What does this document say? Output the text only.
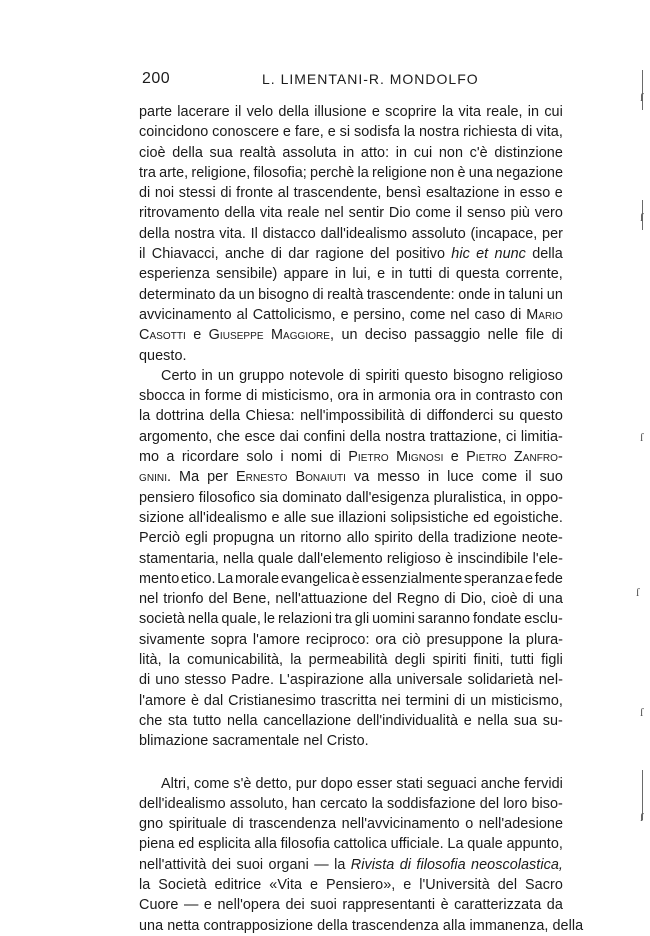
200	L. LIMENTANI-R. MONDOLFO
parte lacerare il velo della illusione e scoprire la vita reale, in cui
coincidono conoscere e fare, e si sodisfa la nostra richiesta di vita,
cioè della sua realtà assoluta in atto: in cui non c'è distinzione
tra arte, religione, filosofia; perchè la religione non è una negazione
di noi stessi di fronte al trascendente, bensì esaltazione in esso e
ritrovamento della vita reale nel sentir Dio come il senso più vero
della nostra vita. Il distacco dall'idealismo assoluto (incapace, per
il Chiavacci, anche di dar ragione del positivo hic et nunc della
esperienza sensibile) appare in lui, e in tutti di questa corrente,
determinato da un bisogno di realtà trascendente: onde in taluni un
avvicinamento al Cattolicismo, e persino, come nel caso di Mario
Casotti e Giuseppe Maggiore, un deciso passaggio nelle file di
questo.
Certo in un gruppo notevole di spiriti questo bisogno religioso
sbocca in forme di misticismo, ora in armonia ora in contrasto con
la dottrina della Chiesa: nell'impossibilità di diffonderci su questo
argomento, che esce dai confini della nostra trattazione, ci limitia-
mo a ricordare solo i nomi di Pietro Mignosi e Pietro Zanfro-
gnini. Ma per Ernesto Bonaiuti va messo in luce come il suo
pensiero filosofico sia dominato dall'esigenza pluralistica, in oppo-
sizione all'idealismo e alle sue illazioni solipsistiche ed egoistiche.
Perciò egli propugna un ritorno allo spirito della tradizione neote-
stamentaria, nella quale dall'elemento religioso è inscindibile l'ele-
mento etico. La morale evangelica è essenzialmente speranza e fede
nel trionfo del Bene, nell'attuazione del Regno di Dio, cioè di una
società nella quale, le relazioni tra gli uomini saranno fondate esclu-
sivamente sopra l'amore reciproco: ora ciò presuppone la plura-
lità, la comunicabilità, la permeabilità degli spiriti finiti, tutti figli
di uno stesso Padre. L'aspirazione alla universale solidarietà nel-
l'amore è dal Cristianesimo trascritta nei termini di un misticismo,
che sta tutto nella cancellazione dell'individualità e nella sua su-
blimazione sacramentale nel Cristo.
Altri, come s'è detto, pur dopo esser stati seguaci anche fervidi
dell'idealismo assoluto, han cercato la soddisfazione del loro biso-
gno spirituale di trascendenza nell'avvicinamento o nell'adesione
piena ed esplicita alla filosofia cattolica ufficiale. La quale appunto,
nell'attività dei suoi organi — la Rivista di filosofia neoscolastica,
la Società editrice «Vita e Pensiero», e l'Università del Sacro
Cuore — e nell'opera dei suoi rappresentanti è caratterizzata da
una netta contrapposizione della trascendenza alla immanenza, della
ſ
ſ
ſ
ſ
ſ
ſ
